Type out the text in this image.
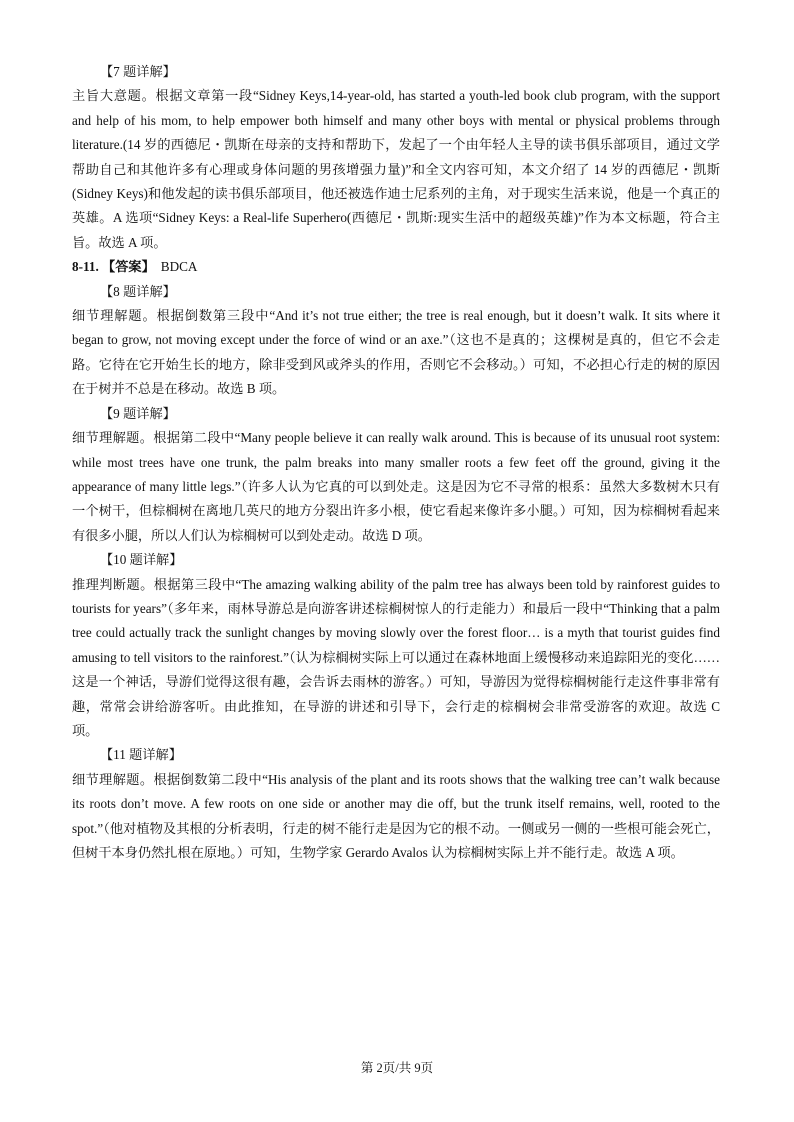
【7 题详解】

主旨大意题。根据文章第一段“Sidney Keys,14-year-old, has started a youth-led book club program, with the support and help of his mom, to help empower both himself and many other boys with mental or physical problems through literature.(14 岁的西德尼・凯斯在母亲的支持和帮助下，发起了一个由年轻人主导的读书俱乐部项目，通过文学帮助自己和其他许多有心理或身体问题的男孩增强力量)”和全文内容可知，本文介绍了 14 岁的西德尼・凯斯(Sidney Keys)和他发起的读书俱乐部项目，他还被选作迪士尼系列的主角，对于现实生活来说，他是一个真正的英雄。A 选项“Sidney Keys: a Real-life Superhero(西德尼・凯斯:现实生活中的超级英雄)”作为本文标题，符合主旨。故选 A 项。

8-11. 【答案】 BDCA

【8 题详解】

细节理解题。根据倒数第三段中“And it’s not true either; the tree is real enough, but it doesn’t walk. It sits where it began to grow, not moving except under the force of wind or an axe.”（这也不是真的；这棵树是真的，但它不会走路。它待在它开始生长的地方，除非受到风或斧头的作用，否则它不会移动。）可知，不必担心行走的树的原因在于树并不总是在移动。故选 B 项。

【9 题详解】

细节理解题。根据第二段中“Many people believe it can really walk around. This is because of its unusual root system: while most trees have one trunk, the palm breaks into many smaller roots a few feet off the ground, giving it the appearance of many little legs.”（许多人认为它真的可以到处走。这是因为它不寻常的根系：虽然大多数树木只有一个树干，但棕榈树在离地几英尺的地方分裂出许多小根，使它看起来像许多小腿。）可知，因为棕榈树看起来有很多小腿，所以人们认为棕榈树可以到处走动。故选 D 项。

【10 题详解】

推理判断题。根据第三段中“The amazing walking ability of the palm tree has always been told by rainforest guides to tourists for years”（多年来，雨林导游总是向游客讲述棕榈树惊人的行走能力）和最后一段中“Thinking that a palm tree could actually track the sunlight changes by moving slowly over the forest floor… is a myth that tourist guides find amusing to tell visitors to the rainforest.”（认为棕榈树实际上可以通过在森林地面上缓慢移动来追踪阳光的变化……这是一个神话，导游们觉得这很有趣，会告诉去雨林的游客。）可知，导游因为觉得棕榈树能行走这件事非常有趣，常常会讲给游客听。由此推知，在导游的讲述和引导下，会行走的棕榈树会非常受游客的欢迎。故选 C 项。

【11 题详解】

细节理解题。根据倒数第二段中“His analysis of the plant and its roots shows that the walking tree can’t walk because its roots don’t move. A few roots on one side or another may die off, but the trunk itself remains, well, rooted to the spot.”（他对植物及其根的分析表明，行走的树不能行走是因为它的根不动。一侧或另一侧的一些根可能会死亡，但树干本身仍然扎根在原地。）可知，生物学家 Gerardo Avalos 认为棕榈树实际上并不能行走。故选 A 项。

第 2页/共 9页
